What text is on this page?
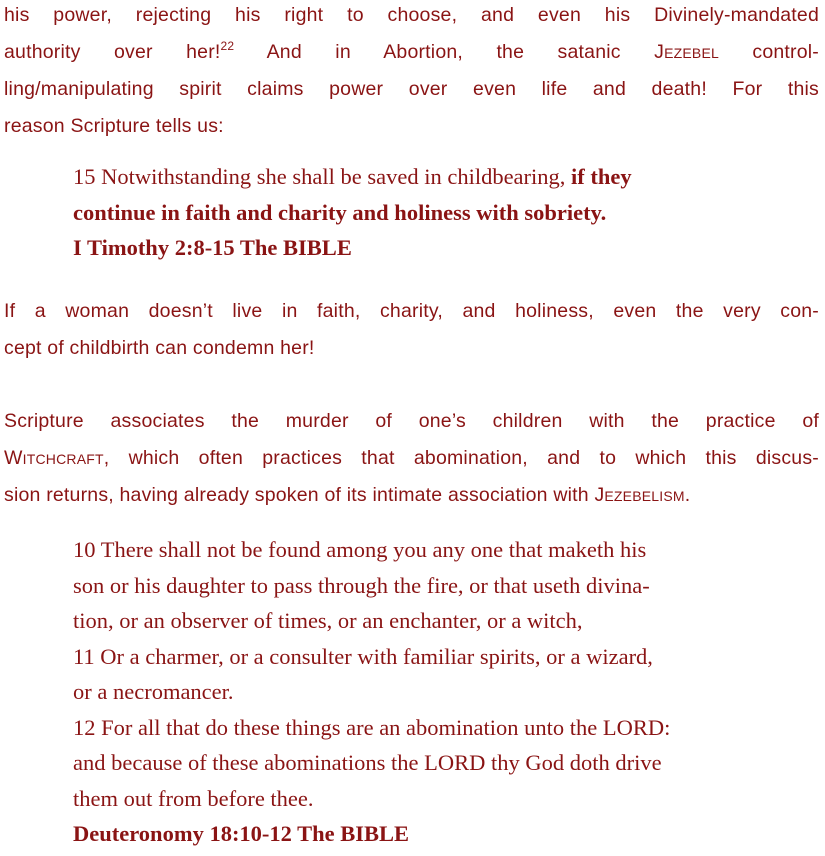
his power, rejecting his right to choose, and even his Divinely-mandated
authority over her!$^{22}$ And in Abortion, the satanic Jezebel control-
ling/manipulating spirit claims power over even life and death! For this
reason Scripture tells us:
15 Notwithstanding she shall be saved in childbearing, if they
continue in faith and charity and holiness with sobriety.
I Timothy 2:8-15 The BIBLE
If a woman doesn’t live in faith, charity, and holiness, even the very con-
cept of childbirth can condemn her!
Scripture associates the murder of one’s children with the practice of
Witchcraft, which often practices that abomination, and to which this discus-
sion returns, having already spoken of its intimate association with Jezebelism.
10 There shall not be found among you any one that maketh his
son or his daughter to pass through the fire, or that useth divina-
tion, or an observer of times, or an enchanter, or a witch,
11 Or a charmer, or a consulter with familiar spirits, or a wizard,
or a necromancer.
12 For all that do these things are an abomination unto the LORD:
and because of these abominations the LORD thy God doth drive
them out from before thee.
Deuteronomy 18:10-12 The BIBLE
